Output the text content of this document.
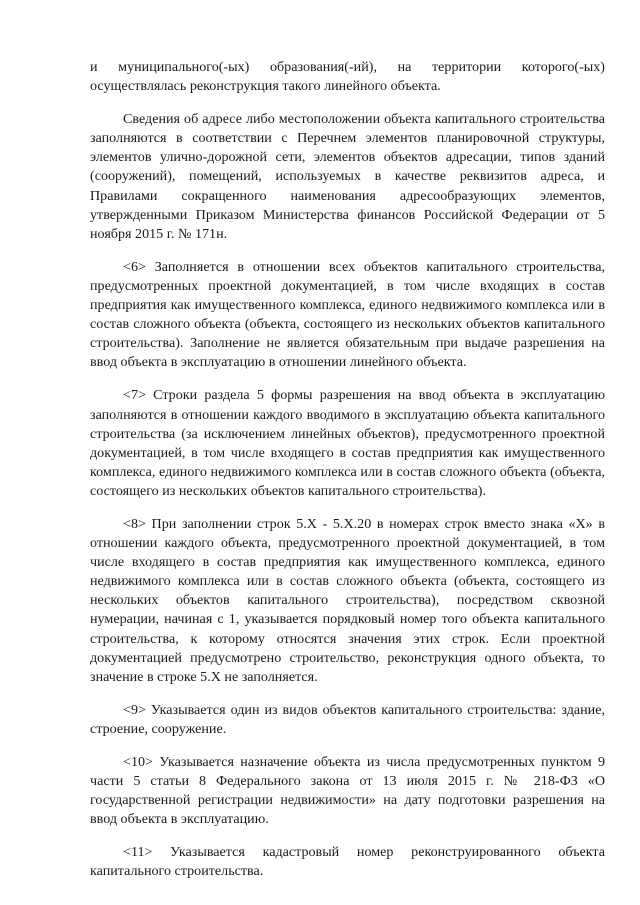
и муниципального(-ых) образования(-ий), на территории которого(-ых) осуществлялась реконструкция такого линейного объекта.

Сведения об адресе либо местоположении объекта капитального строительства заполняются в соответствии с Перечнем элементов планировочной структуры, элементов улично-дорожной сети, элементов объектов адресации, типов зданий (сооружений), помещений, используемых в качестве реквизитов адреса, и Правилами сокращенного наименования адресообразующих элементов, утвержденными Приказом Министерства финансов Российской Федерации от 5 ноября 2015 г. № 171н.

<6> Заполняется в отношении всех объектов капитального строительства, предусмотренных проектной документацией, в том числе входящих в состав предприятия как имущественного комплекса, единого недвижимого комплекса или в состав сложного объекта (объекта, состоящего из нескольких объектов капитального строительства). Заполнение не является обязательным при выдаче разрешения на ввод объекта в эксплуатацию в отношении линейного объекта.

<7> Строки раздела 5 формы разрешения на ввод объекта в эксплуатацию заполняются в отношении каждого вводимого в эксплуатацию объекта капитального строительства (за исключением линейных объектов), предусмотренного проектной документацией, в том числе входящего в состав предприятия как имущественного комплекса, единого недвижимого комплекса или в состав сложного объекта (объекта, состоящего из нескольких объектов капитального строительства).

<8> При заполнении строк 5.Х - 5.Х.20 в номерах строк вместо знака «Х» в отношении каждого объекта, предусмотренного проектной документацией, в том числе входящего в состав предприятия как имущественного комплекса, единого недвижимого комплекса или в состав сложного объекта (объекта, состоящего из нескольких объектов капитального строительства), посредством сквозной нумерации, начиная с 1, указывается порядковый номер того объекта капитального строительства, к которому относятся значения этих строк. Если проектной документацией предусмотрено строительство, реконструкция одного объекта, то значение в строке 5.Х не заполняется.

<9> Указывается один из видов объектов капитального строительства: здание, строение, сооружение.

<10> Указывается назначение объекта из числа предусмотренных пунктом 9 части 5 статьи 8 Федерального закона от 13 июля 2015 г. № 218-ФЗ «О государственной регистрации недвижимости» на дату подготовки разрешения на ввод объекта в эксплуатацию.

<11> Указывается кадастровый номер реконструированного объекта капитального строительства.
